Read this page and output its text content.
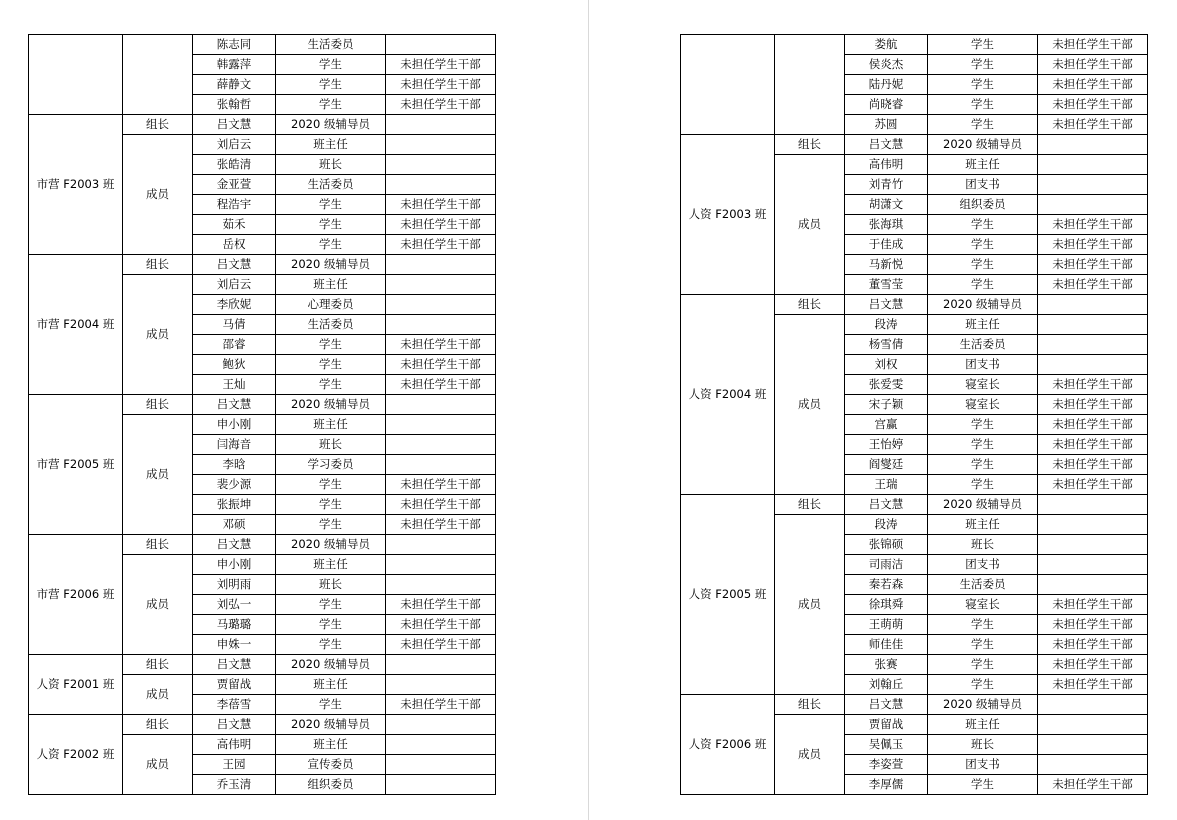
		陈志同	生活委员	
		韩露萍	学生	未担任学生干部
		薛静文	学生	未担任学生干部
		张翰哲	学生	未担任学生干部
市营 F2003 班	组长	吕文慧	2020 级辅导员	
	成员	刘启云	班主任	
		张皓清	班长	
		金亚萱	生活委员	
		程浩宇	学生	未担任学生干部
		茹禾	学生	未担任学生干部
		岳权	学生	未担任学生干部
市营 F2004 班	组长	吕文慧	2020 级辅导员	
	成员	刘启云	班主任	
		李欣妮	心理委员	
		马倩	生活委员	
		邵睿	学生	未担任学生干部
		鲍狄	学生	未担任学生干部
		王灿	学生	未担任学生干部
市营 F2005 班	组长	吕文慧	2020 级辅导员	
	成员	申小刚	班主任	
		闫海音	班长	
		李晗	学习委员	
		裴少源	学生	未担任学生干部
		张振坤	学生	未担任学生干部
		邓硕	学生	未担任学生干部
市营 F2006 班	组长	吕文慧	2020 级辅导员	
	成员	申小刚	班主任	
		刘明雨	班长	
		刘弘一	学生	未担任学生干部
		马璐璐	学生	未担任学生干部
		申姝一	学生	未担任学生干部
人资 F2001 班	组长	吕文慧	2020 级辅导员	
	成员	贾留战	班主任	
		李蓓雪	学生	未担任学生干部
人资 F2002 班	组长	吕文慧	2020 级辅导员	
	成员	高伟明	班主任	
		王园	宣传委员	
		乔玉清	组织委员	
		娄航	学生	未担任学生干部
		侯炎杰	学生	未担任学生干部
		陆丹妮	学生	未担任学生干部
		尚晓睿	学生	未担任学生干部
		苏圆	学生	未担任学生干部
人资 F2003 班	组长	吕文慧	2020 级辅导员	
	成员	高伟明	班主任	
		刘青竹	团支书	
		胡潇文	组织委员	
		张海琪	学生	未担任学生干部
		于佳成	学生	未担任学生干部
		马新悦	学生	未担任学生干部
		董雪莹	学生	未担任学生干部
人资 F2004 班	组长	吕文慧	2020 级辅导员	
	成员	段涛	班主任	
		杨雪倩	生活委员	
		刘权	团支书	
		张爱雯	寝室长	未担任学生干部
		宋子颖	寝室长	未担任学生干部
		宫赢	学生	未担任学生干部
		王怡婷	学生	未担任学生干部
		阎燮廷	学生	未担任学生干部
		王瑞	学生	未担任学生干部
人资 F2005 班	组长	吕文慧	2020 级辅导员	
	成员	段涛	班主任	
		张锦硕	班长	
		司雨洁	团支书	
		秦若森	生活委员	
		徐琪舜	寝室长	未担任学生干部
		王萌萌	学生	未担任学生干部
		师佳佳	学生	未担任学生干部
		张赛	学生	未担任学生干部
		刘翰丘	学生	未担任学生干部
人资 F2006 班	组长	吕文慧	2020 级辅导员	
	成员	贾留战	班主任	
		吴佩玉	班长	
		李姿萱	团支书	
		李厚儒	学生	未担任学生干部
